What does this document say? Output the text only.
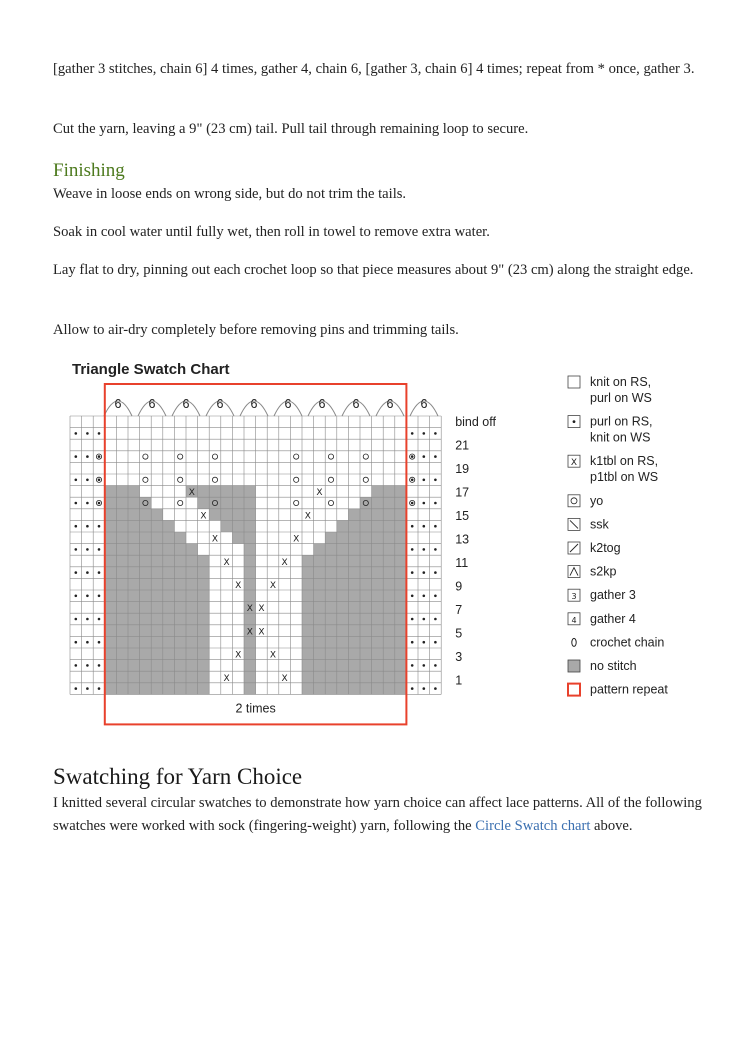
[gather 3 stitches, chain 6] 4 times, gather 4, chain 6, [gather 3, chain 6] 4 times; repeat from * once, gather 3.

Cut the yarn, leaving a 9" (23 cm) tail. Pull tail through remaining loop to secure.

Finishing

Weave in loose ends on wrong side, but do not trim the tails.

Soak in cool water until fully wet, then roll in towel to remove extra water.

Lay flat to dry, pinning out each crochet loop so that piece measures about 9" (23 cm) along the straight edge.

Allow to air-dry completely before removing pins and trimming tails.

Triangle Swatch Chart
Χ	Χ
Χ	Χ
Χ	Χ
Χ	Χ
Χ	Χ
Χ Χ
Χ
Χ
Χ
Χ
Χ
Χ
6 6 6 6 6 6 6 6 6 6
2 times
bind off
21
19
17
15
13
11
9
7
5
3
1
knit on RS,
purl on WS
purl on RS,
knit on WS
Χ k1tbl on RS,
p1tbl on WS
yo
ssk
k2tog
s2kp
3 gather 3
4 gather 4
crochet chain
no stitch
pattern repeat
Swatching for Yarn Choice

I knitted several circular swatches to demonstrate how yarn choice can affect lace patterns. All of the following swatches were worked with sock (fingering-weight) yarn, following the Circle Swatch chart above.
